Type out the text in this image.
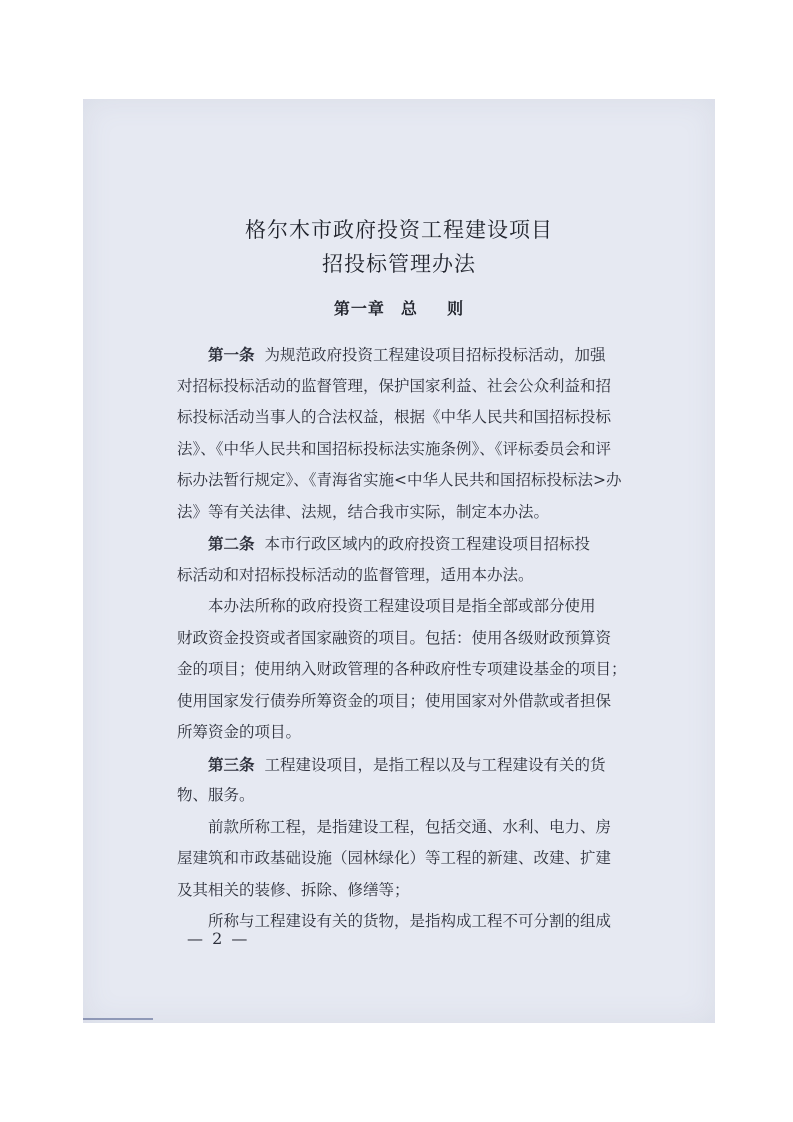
格尔木市政府投资工程建设项目
招投标管理办法
第一章 总  则
第一条 为规范政府投资工程建设项目招标投标活动，加强
对招标投标活动的监督管理，保护国家利益、社会公众利益和招
标投标活动当事人的合法权益，根据《中华人民共和国招标投标
法》、《中华人民共和国招标投标法实施条例》、《评标委员会和评
标办法暂行规定》、《青海省实施<中华人民共和国招标投标法>办
法》等有关法律、法规，结合我市实际，制定本办法。
第二条 本市行政区域内的政府投资工程建设项目招标投
标活动和对招标投标活动的监督管理，适用本办法。
本办法所称的政府投资工程建设项目是指全部或部分使用
财政资金投资或者国家融资的项目。包括：使用各级财政预算资
金的项目；使用纳入财政管理的各种政府性专项建设基金的项目；
使用国家发行债券所筹资金的项目；使用国家对外借款或者担保
所筹资金的项目。
第三条 工程建设项目，是指工程以及与工程建设有关的货
物、服务。
前款所称工程，是指建设工程，包括交通、水利、电力、房
屋建筑和市政基础设施（园林绿化）等工程的新建、改建、扩建
及其相关的装修、拆除、修缮等；
所称与工程建设有关的货物，是指构成工程不可分割的组成
— 2 —
